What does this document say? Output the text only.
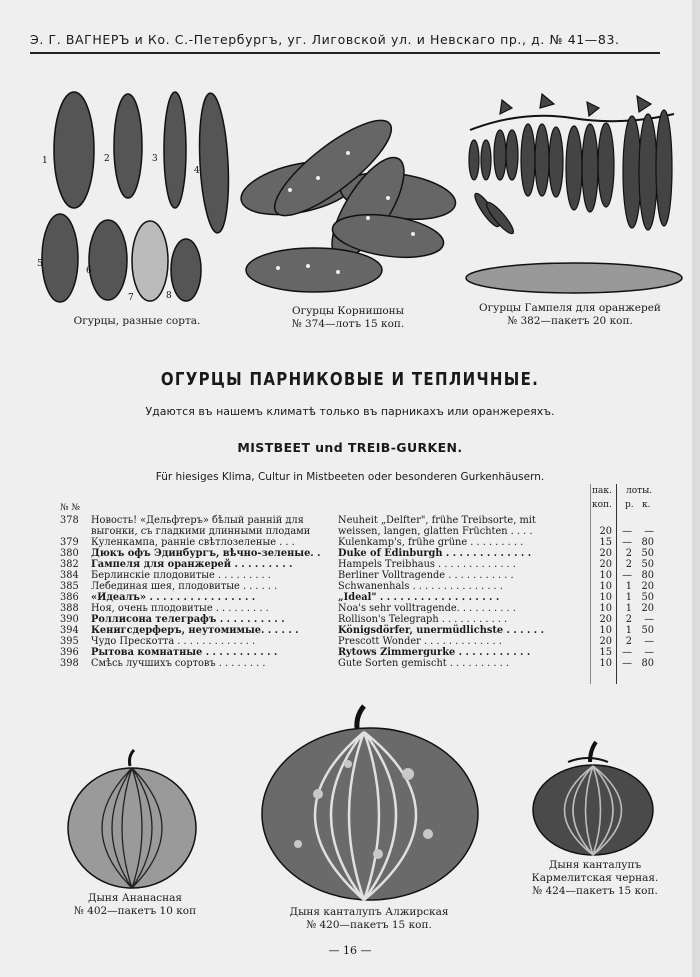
Э. Г. ВАГНЕРЪ и Ко. С.-Петербургъ, уг. Лиговской ул. и Невскаго пр., д. № 41—83.
1	2	3
4
5
6
7	8
Огурцы, разные сорта.
Огурцы Корнишоны
№ 374—лотъ 15 коп.
Огурцы Гампеля для оранжерей
№ 382—пакетъ 20 коп.
ОГУРЦЫ ПАРНИКОВЫЕ И ТЕПЛИЧНЫЕ.
Удаются въ нашемъ климатѣ только въ парникахъ или оранжереяхъ.
MISTBEET und TREIB-GURKEN.
Für hiesiges Klima, Cultur in Mistbeeten oder besonderen Gurkenhäusern.
№ №
пак.
коп.
лоты.
р. к.
378	Новость! «Дельфтеръ» бѣлый ранній для	Neuheit „Delfter", frühe Treibsorte, mit
выгонки, съ гладкими длинными плодами	weissen, langen, glatten Früchten . . . .	20 —	—
379	Куленкампа, ранніе свѣтлозеленые . . .	Kulenkamp's, frühe grüne . . . . . . . . .	15 — 80
380	Дюкъ офъ Эдинбургъ, вѣчно-зеленые. .	Duke of Edinburgh . . . . . . . . . . . . .	20	2 50
382	Гампеля для оранжерей . . . . . . . . .	Hampels Treibhaus . . . . . . . . . . . . .	20	2 50
384	Берлинскіе плодовитые . . . . . . . . .	Berliner Volltragende . . . . . . . . . . .	10 — 80
385	Лебединая шея, плодовитые . . . . . .	Schwanenhals . . . . . . . . . . . . . . .	10	1 20
386	«Идеалъ» . . . . . . . . . . . . . . . .	„Ideal" . . . . . . . . . . . . . . . . . .	10	1 50
388	Ноя, очень плодовитые . . . . . . . . .	Noa's sehr volltragende. . . . . . . . . .	10	1 20
390	Роллисона телеграфъ . . . . . . . . . .	Rollison's Telegraph . . . . . . . . . . .	20	2	—
394	Кенигсдерферъ, неутомимые. . . . . .	Königsdörfer, unermüdlichste . . . . . .	10	1 50
395	Чудо Прескотта . . . . . . . . . . . . .	Prescott Wonder . . . . . . . . . . . . .	20	2	—
396	Рытова комнатные . . . . . . . . . . .	Rytows Zimmergurke . . . . . . . . . . .	15 —	—
398	Смѣсь лучшихъ сортовъ . . . . . . . .	Gute Sorten gemischt . . . . . . . . . .	10 — 80
Дыня Ананасная
№ 402—пакетъ 10 коп	Дыня канталупъ Алжирская
№ 420—пакетъ 15 коп.
Дыня канталупъ Кармелитская черная.
№ 424—пакетъ 15 коп.
— 16 —
